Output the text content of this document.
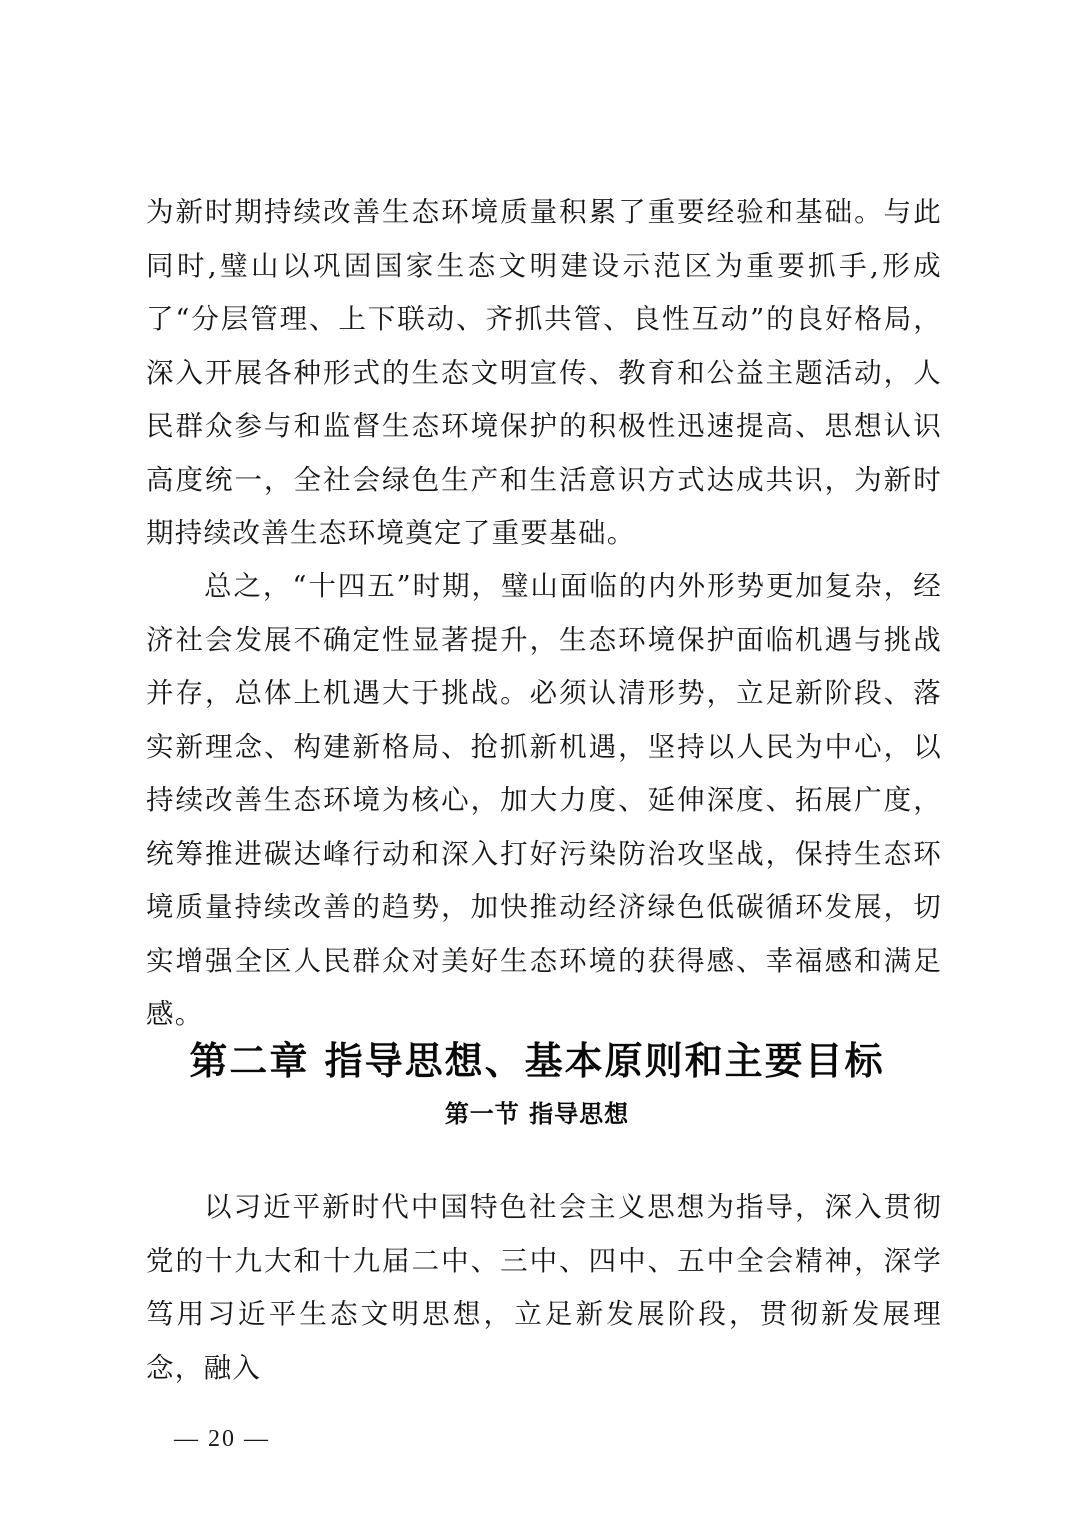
为新时期持续改善生态环境质量积累了重要经验和基础。与此同时,璧山以巩固国家生态文明建设示范区为重要抓手,形成了“分层管理、上下联动、齐抓共管、良性互动”的良好格局，深入开展各种形式的生态文明宣传、教育和公益主题活动，人民群众参与和监督生态环境保护的积极性迅速提高、思想认识高度统一，全社会绿色生产和生活意识方式达成共识，为新时期持续改善生态环境奠定了重要基础。

总之，“十四五”时期，璧山面临的内外形势更加复杂，经济社会发展不确定性显著提升，生态环境保护面临机遇与挑战并存，总体上机遇大于挑战。必须认清形势，立足新阶段、落实新理念、构建新格局、抢抓新机遇，坚持以人民为中心，以持续改善生态环境为核心，加大力度、延伸深度、拓展广度，统筹推进碳达峰行动和深入打好污染防治攻坚战，保持生态环境质量持续改善的趋势，加快推动经济绿色低碳循环发展，切实增强全区人民群众对美好生态环境的获得感、幸福感和满足感。

第二章 指导思想、基本原则和主要目标
第一节 指导思想

以习近平新时代中国特色社会主义思想为指导，深入贯彻党的十九大和十九届二中、三中、四中、五中全会精神，深学笃用习近平生态文明思想，立足新发展阶段，贯彻新发展理念，融入

— 20 —
